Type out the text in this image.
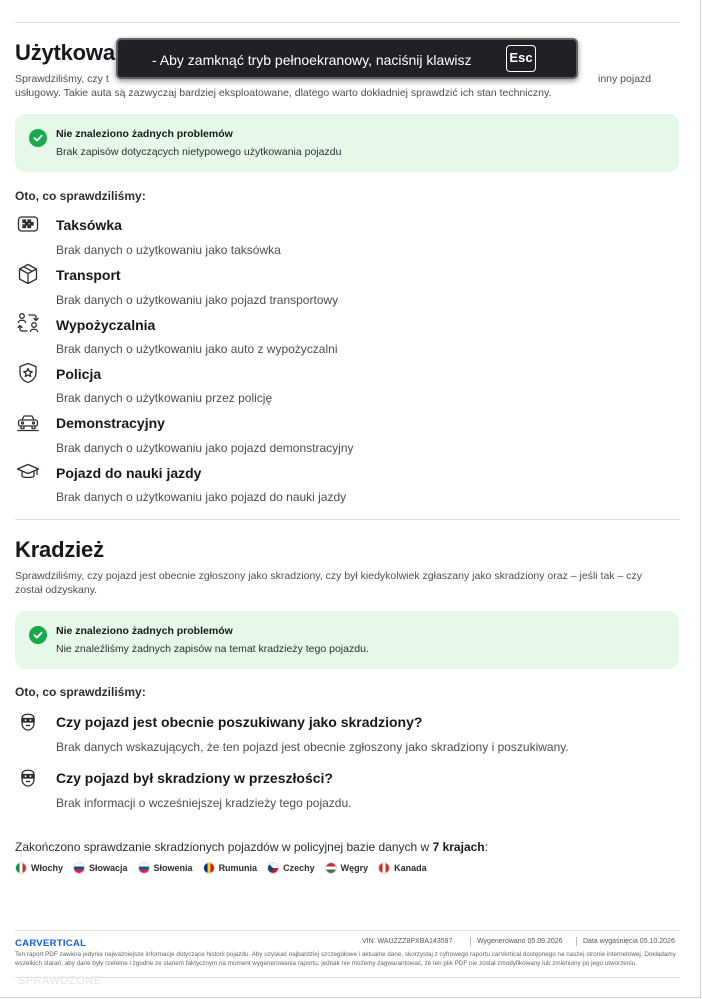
Użytkowa
Sprawdziliśmy, czy t	inny pojazd

usługowy. Takie auta są zazwyczaj bardziej eksploatowane, dlatego warto dokładniej sprawdzić ich stan techniczny.
Nie znaleziono żadnych problemów
Brak zapisów dotyczących nietypowego użytkowania pojazdu
Oto, co sprawdziliśmy:
Taksówka
Brak danych o użytkowaniu jako taksówka
Transport
Brak danych o użytkowaniu jako pojazd transportowy
Wypożyczalnia
Brak danych o użytkowaniu jako auto z wypożyczalni
Policja
Brak danych o użytkowaniu przez policję
Demonstracyjny
Brak danych o użytkowaniu jako pojazd demonstracyjny
Pojazd do nauki jazdy
Brak danych o użytkowaniu jako pojazd do nauki jazdy
Kradzież
Sprawdziliśmy, czy pojazd jest obecnie zgłoszony jako skradziony, czy był kiedykolwiek zgłaszany jako skradziony oraz – jeśli tak – czy
został odzyskany.
Nie znaleziono żadnych problemów
Nie znaleźliśmy żadnych zapisów na temat kradzieży tego pojazdu.
Oto, co sprawdziliśmy:
Czy pojazd jest obecnie poszukiwany jako skradziony?
Brak danych wskazujących, że ten pojazd jest obecnie zgłoszony jako skradziony i poszukiwany.
Czy pojazd był skradziony w przeszłości?
Brak informacji o wcześniejszej kradzieży tego pojazdu.
Zakończono sprawdzanie skradzionych pojazdów w policyjnej bazie danych w 7 krajach:
Włochy	Słowacja	Słowenia	Rumunia	Czechy	Węgry	Kanada
CARVERTICAL	VIN: WAUZZZ8PXBA143597	Wygenerowano 05.09.2026	Data wygaśnięcia 05.10.2026
Ten raport PDF zawiera jedynie najważniejsze informacje dotyczące historii pojazdu. Aby uzyskać najbardziej szczegółowe i aktualne dane, skorzystaj z cyfrowego raportu carVertical dostępnego na naszej stronie internetowej. Dokładamy wszelkich starań, aby dane były rzetelne i zgodne ze stanem faktycznym na moment wygenerowania raportu, jednak nie możemy zagwarantować, że ten plik PDF nie został zmodyfikowany lub zmieniony po jego utworzeniu.
SPRAWDZONE
- Aby zamknąć tryb pełnoekranowy, naciśnij klawisz	Esc
